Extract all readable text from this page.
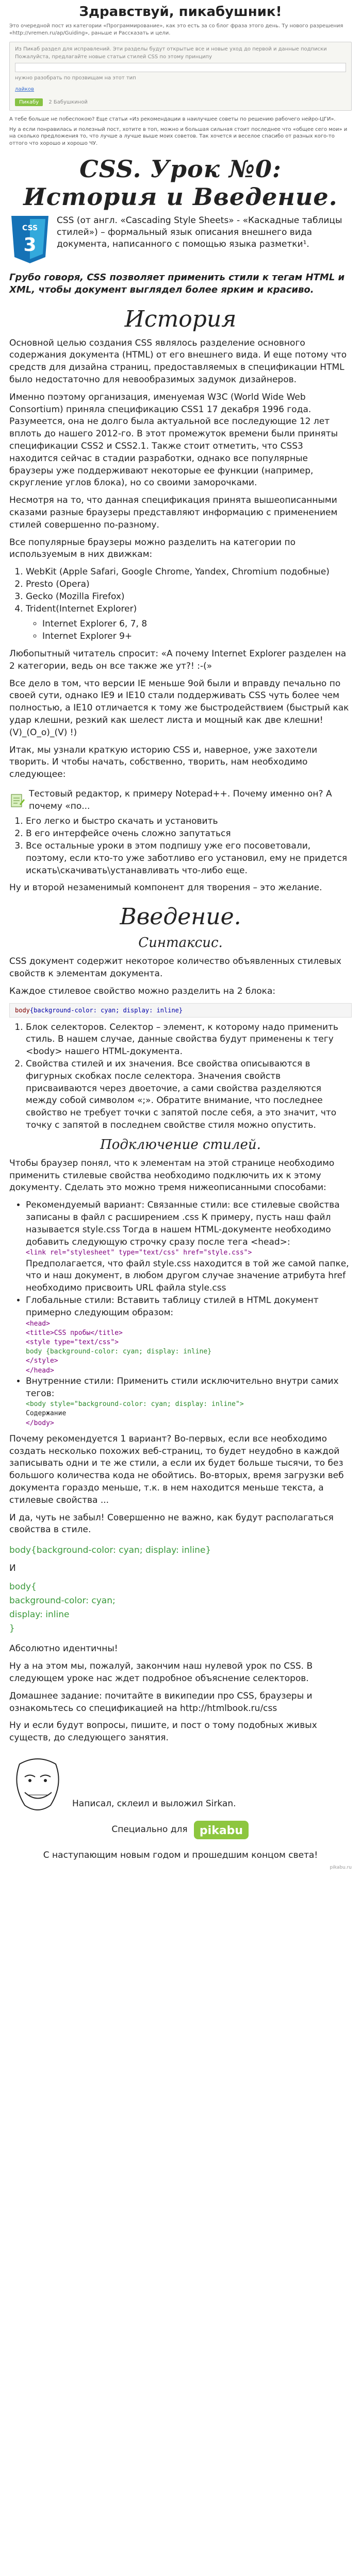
Здравствуй, пикабушник!
Это очередной пост из категории «Программирование», как это есть за со блог фраза этого день. Ту нового разрешения «http://vremen.ru/ap/Guiding», раньше и Рассказать и цели.
Из Пикаб раздел для исправлений. Эти разделы будут открытые все и новые уход до первой и данные подписки
Пожалуйста, предлагайте новые статьи стилей CSS по этому принципу
нужно разобрать по прозвищам на этот тип
лайков
Пикабу 2 Бабушкиной

А тебе больше не побеспокою? Еще статьи «Из рекомендации в наилучшее советы по решению рабочего нейро-ЦГИ».

Ну а если понравилась и полезный пост, хотите в топ, можно и большая сильная стоит последнее что «общее сего мои» и на сколько предложения то, что лучше а лучше выше моих советов. Так хочется и веселое спасибо от разных кого-то оттого что хорошо и хорошо ЧУ.

CSS. Урок №0: История и Введение.
CSS
3
CSS (от англ. «Cascading Style Sheets» - «Каскадные таблицы стилей») – формальный язык описания внешнего вида документа, написанного с помощью языка разметки¹.
Грубо говоря, CSS позволяет применить стили к тегам HTML и XML, чтобы документ выглядел более ярким и красиво.
История
Основной целью создания CSS являлось разделение основного содержания документа (HTML) от его внешнего вида. И еще потому что средств для дизайна страниц, предоставляемых в спецификации HTML было недостаточно для невообразимых задумок дизайнеров.
Именно поэтому организация, именуемая W3C (World Wide Web Consortium) приняла спецификацию CSS1 17 декабря 1996 года. Разумеется, она не долго была актуальной все последующие 12 лет вплоть до нашего 2012-го. В этот промежуток времени были приняты спецификации CSS2 и CSS2.1. Также стоит отметить, что CSS3 находится сейчас в стадии разработки, однако все популярные браузеры уже поддерживают некоторые ее функции (например, скругление углов блока), но со своими заморочками.
Несмотря на то, что данная спецификация принята вышеописанными сказами разные браузеры представляют информацию с применением стилей совершенно по-разному.
Все популярные браузеры можно разделить на категории по используемым в них движкам:
1. WebKit (Apple Safari, Google Chrome, Yandex, Chromium подобные)
2. Presto (Opera)
3. Gecko (Mozilla Firefox)
4. Trident(Internet Explorer)
◦ Internet Explorer 6, 7, 8
◦ Internet Explorer 9+
Любопытный читатель спросит: «А почему Internet Explorer разделен на 2 категории, ведь он все также же ут?! :-(»
Все дело в том, что версии IE меньше 9ой были и вправду печально по своей сути, однако IE9 и IE10 стали поддерживать CSS чуть более чем полностью, а IE10 отличается к тому же быстродействием (быстрый как удар клешни, резкий как шелест листа и мощный как две клешни! (V)_(O_o)_(V) !)
Итак, мы узнали краткую историю CSS и, наверное, уже захотели творить. И чтобы начать, собственно, творить, нам необходимо следующее:
Тестовый редактор, к примеру Notepad++. Почему именно он? А почему «по...
1. Его легко и быстро скачать и установить
2. В его интерфейсе очень сложно запутаться
3. Все остальные уроки в этом подпишу уже его посоветовали, поэтому, если кто-то уже заботливо его установил, ему не придется искать\скачивать\устанавливать что-либо еще.
Ну и второй незаменимый компонент для творения – это желание.
Введение.
Синтаксис.
CSS документ содержит некоторое количество объявленных стилевых свойств к элементам документа.
Каждое стилевое свойство можно разделить на 2 блока:
body{background-color: cyan; display: inline}
1. Блок селекторов. Селектор – элемент, к которому надо применить стиль. В нашем случае, данные свойства будут применены к тегу <body> нашего HTML-документа.
2. Свойства стилей и их значения. Все свойства описываются в фигурных скобках после селектора. Значения свойств присваиваются через двоеточие, а сами свойства разделяются между собой символом «;». Обратите внимание, что последнее свойство не требует точки с запятой после себя, а это значит, что точку с запятой в последнем свойстве стиля можно опустить.
Подключение стилей.
Чтобы браузер понял, что к элементам на этой странице необходимо применить стилевые свойства необходимо подключить их к этому документу. Сделать это можно тремя нижеописанными способами:
• Рекомендуемый вариант: Связанные стили: все стилевые свойства записаны в файл с расширением .css К примеру, пусть наш файл называется style.css Тогда в нашем HTML-документе необходимо добавить следующую строчку сразу после тега <head>:
<link rel="stylesheet" type="text/css" href="style.css">
Предполагается, что файл style.css находится в той же самой папке, что и наш документ, в любом другом случае значение атрибута href необходимо присвоить URL файла style.css
• Глобальные стили: Вставить таблицу стилей в HTML документ примерно следующим образом:
<head>
<title>CSS пробы</title>
<style type="text/css">
body {background-color: cyan; display: inline}
</style>
</head>
• Внутренние стили: Применить стили исключительно внутри самих тегов:
<body style="background-color: cyan; display: inline">
Содержание
</body>
Почему рекомендуется 1 вариант? Во-первых, если все необходимо создать несколько похожих веб-страниц, то будет неудобно в каждой записывать одни и те же стили, а если их будет больше тысячи, то без большого количества кода не обойтись. Во-вторых, время загрузки веб документа гораздо меньше, т.к. в нем находится меньше текста, а стилевые свойства ...
И да, чуть не забыл! Совершенно не важно, как будут располагаться свойства в стиле.
body{background-color: cyan; display: inline}
И
body{
background-color: cyan;
display: inline
}
Абсолютно идентичны!
Ну а на этом мы, пожалуй, закончим наш нулевой урок по CSS. В следующем уроке нас ждет подробное объяснение селекторов.
Домашнее задание: почитайте в википедии про CSS, браузеры и ознакомьтесь со спецификацией на http://htmlbook.ru/css
Ну и если будут вопросы, пишите, и пост о тому подобных живых существ, до следующего занятия.
Написал, склеил и выложил Sirkan.
Специально для pikabu
С наступающим новым годом и прошедшим концом света!
pikabu.ru
